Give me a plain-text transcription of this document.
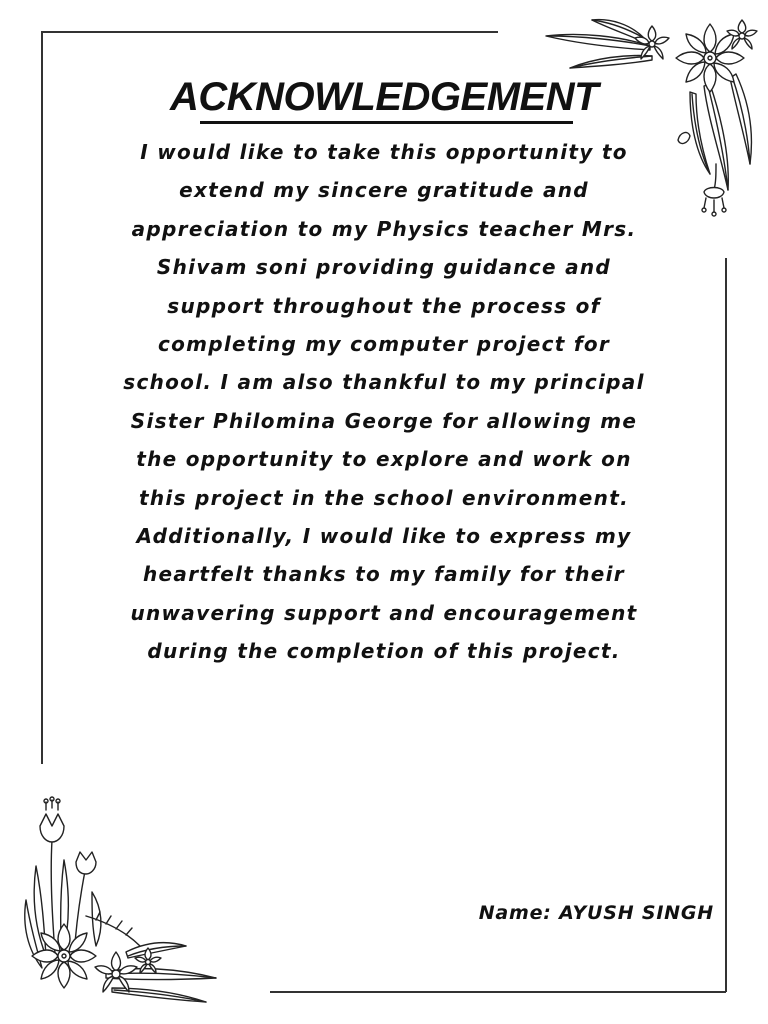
ACKNOWLEDGEMENT
I would like to take this opportunity to
extend my sincere gratitude and
appreciation to my Physics teacher Mrs.
Shivam soni providing guidance and
support throughout the process of
completing my computer project for
school. I am also thankful to my principal
Sister Philomina George for allowing me
the opportunity to explore and work on
this project in the school environment.
Additionally, I would like to express my
heartfelt thanks to my family for their
unwavering support and encouragement
during the completion of this project.
Name: AYUSH SINGH
